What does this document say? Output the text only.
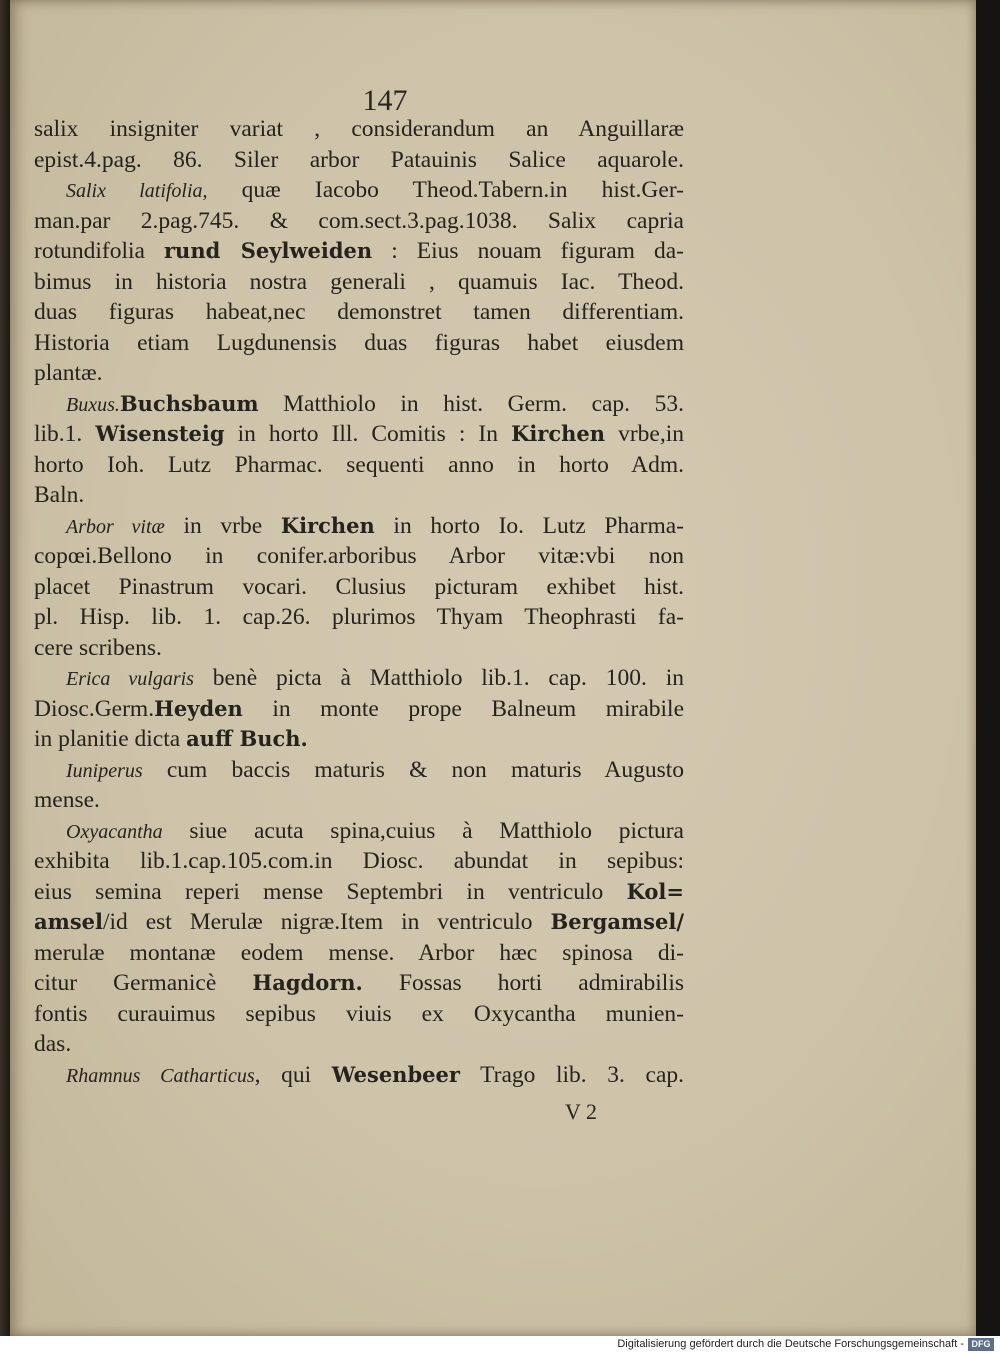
147
salix insigniter variat , considerandum an Anguillaræ
epist.4.pag. 86. Siler arbor Patauinis Salice aquarole.
Salix latifolia, quæ Iacobo Theod.Tabern.in hist.Ger-
man.par 2.pag.745. & com.sect.3.pag.1038. Salix capria
rotundifolia rund Seylweiden : Eius nouam figuram da-
bimus in historia nostra generali , quamuis Iac. Theod.
duas figuras habeat,nec demonstret tamen differentiam.
Historia etiam Lugdunensis duas figuras habet eiusdem
plantæ.
Buxus.Buchsbaum Matthiolo in hist. Germ. cap. 53.
lib.1. Wisensteig in horto Ill. Comitis : In Kirchen vrbe,in
horto Ioh. Lutz Pharmac. sequenti anno in horto Adm.
Baln.
Arbor vitæ in vrbe Kirchen in horto Io. Lutz Pharma-
copœi.Bellono in conifer.arboribus Arbor vitæ:vbi non
placet Pinastrum vocari. Clusius picturam exhibet hist.
pl. Hisp. lib. 1. cap.26. plurimos Thyam Theophrasti fa-
cere scribens.
Erica vulgaris benè picta à Matthiolo lib.1. cap. 100. in
Diosc.Germ.Heyden in monte prope Balneum mirabile
in planitie dicta auff Buch.
Iuniperus cum baccis maturis & non maturis Augusto
mense.
Oxyacantha siue acuta spina,cuius à Matthiolo pictura
exhibita lib.1.cap.105.com.in Diosc. abundat in sepibus:
eius semina reperi mense Septembri in ventriculo Kol=
amsel/id est Merulæ nigræ.Item in ventriculo Bergamsel/
merulæ montanæ eodem mense. Arbor hæc spinosa di-
citur Germanicè Hagdorn. Fossas horti admirabilis
fontis curauimus sepibus viuis ex Oxycantha munien-
das.
Rhamnus Catharticus, qui Wesenbeer Trago lib. 3. cap.
V 2
Digitalisierung gefördert durch die Deutsche Forschungsgemeinschaft - DFG
